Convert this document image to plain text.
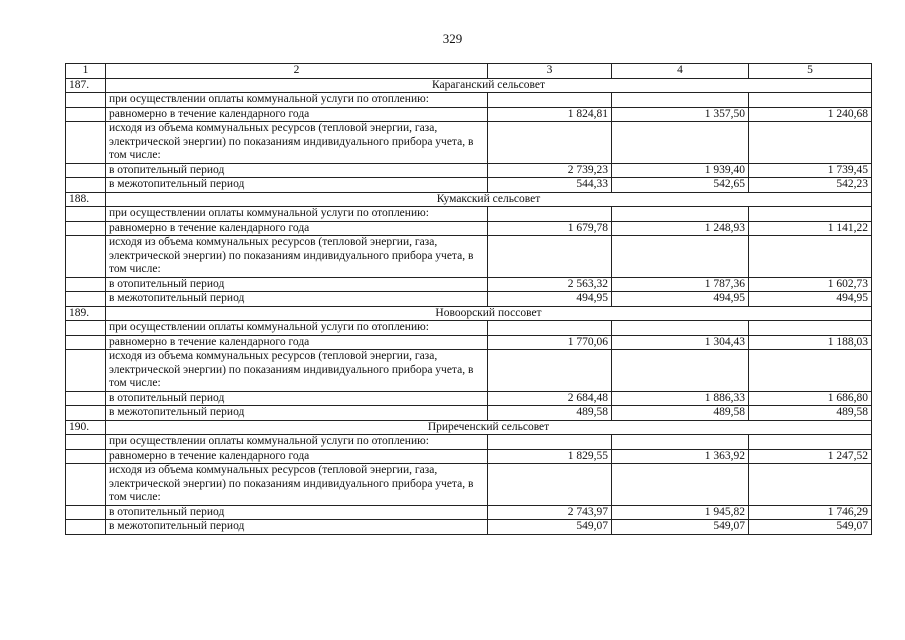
329
1	2	3	4	5
187.	Караганский сельсовет			
	при осуществлении оплаты коммунальной услуги по отоплению:			
	равномерно в течение календарного года	1 824,81	1 357,50	1 240,68
	исходя из объема коммунальных ресурсов (тепловой энергии, газа, электрической энергии) по показаниям индивидуального прибора учета, в том числе:			
	в отопительный период	2 739,23	1 939,40	1 739,45
	в межотопительный период	544,33	542,65	542,23
188.	Кумакский сельсовет			
	при осуществлении оплаты коммунальной услуги по отоплению:			
	равномерно в течение календарного года	1 679,78	1 248,93	1 141,22
	исходя из объема коммунальных ресурсов (тепловой энергии, газа, электрической энергии) по показаниям индивидуального прибора учета, в том числе:			
	в отопительный период	2 563,32	1 787,36	1 602,73
	в межотопительный период	494,95	494,95	494,95
189.	Новоорский поссовет			
	при осуществлении оплаты коммунальной услуги по отоплению:			
	равномерно в течение календарного года	1 770,06	1 304,43	1 188,03
	исходя из объема коммунальных ресурсов (тепловой энергии, газа, электрической энергии) по показаниям индивидуального прибора учета, в том числе:			
	в отопительный период	2 684,48	1 886,33	1 686,80
	в межотопительный период	489,58	489,58	489,58
190.	Приреченский сельсовет			
	при осуществлении оплаты коммунальной услуги по отоплению:			
	равномерно в течение календарного года	1 829,55	1 363,92	1 247,52
	исходя из объема коммунальных ресурсов (тепловой энергии, газа, электрической энергии) по показаниям индивидуального прибора учета, в том числе:			
	в отопительный период	2 743,97	1 945,82	1 746,29
	в межотопительный период	549,07	549,07	549,07
